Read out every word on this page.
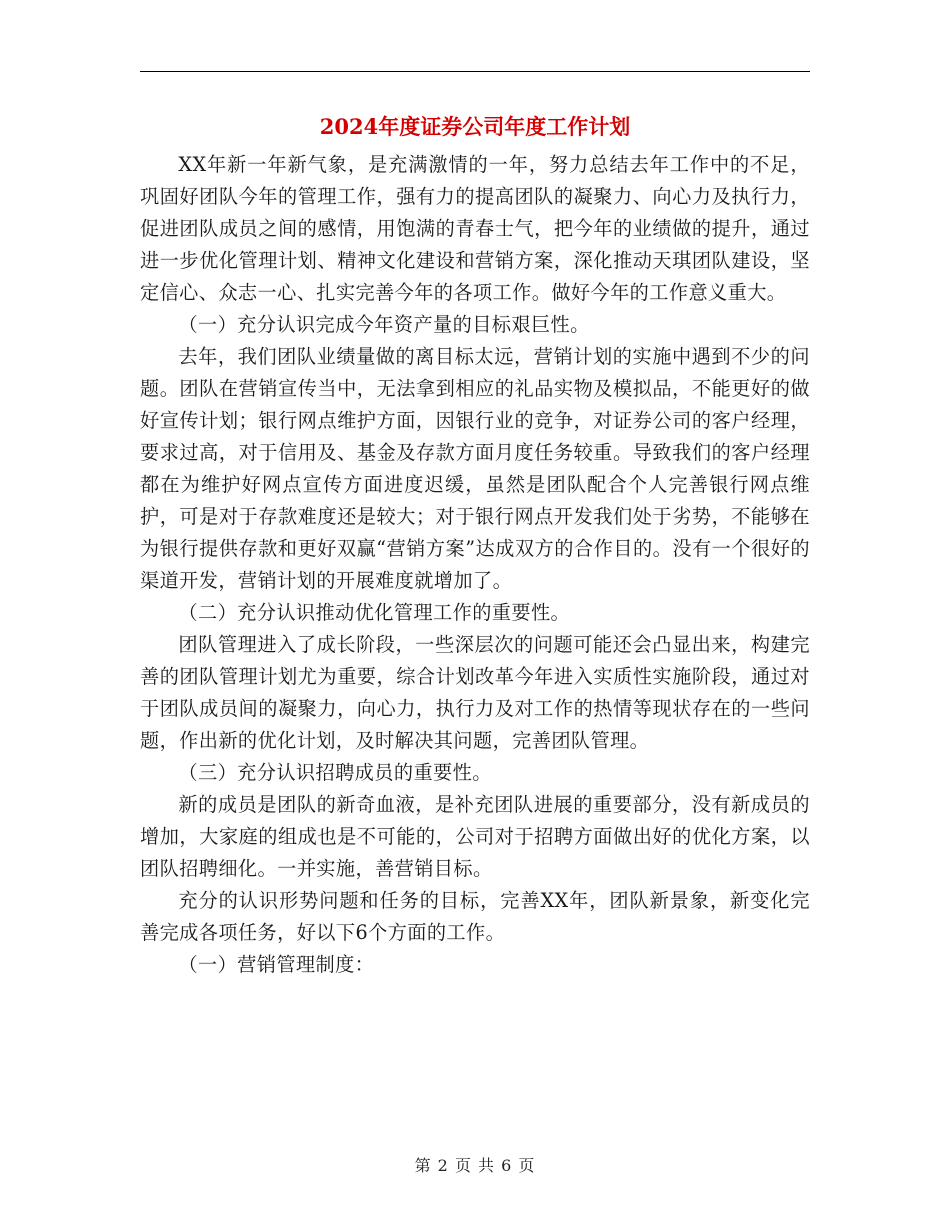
2024年度证券公司年度工作计划

XX年新一年新气象，是充满激情的一年，努力总结去年工作中的不足，巩固好团队今年的管理工作，强有力的提高团队的凝聚力、向心力及执行力，促进团队成员之间的感情，用饱满的青春士气，把今年的业绩做的提升，通过进一步优化管理计划、精神文化建设和营销方案，深化推动天琪团队建设，坚定信心、众志一心、扎实完善今年的各项工作。做好今年的工作意义重大。

（一）充分认识完成今年资产量的目标艰巨性。

去年，我们团队业绩量做的离目标太远，营销计划的实施中遇到不少的问题。团队在营销宣传当中，无法拿到相应的礼品实物及模拟品，不能更好的做好宣传计划；银行网点维护方面，因银行业的竞争，对证券公司的客户经理，要求过高，对于信用及、基金及存款方面月度任务较重。导致我们的客户经理都在为维护好网点宣传方面进度迟缓，虽然是团队配合个人完善银行网点维护，可是对于存款难度还是较大；对于银行网点开发我们处于劣势，不能够在为银行提供存款和更好双赢“营销方案”达成双方的合作目的。没有一个很好的渠道开发，营销计划的开展难度就增加了。

（二）充分认识推动优化管理工作的重要性。

团队管理进入了成长阶段，一些深层次的问题可能还会凸显出来，构建完善的团队管理计划尤为重要，综合计划改革今年进入实质性实施阶段，通过对于团队成员间的凝聚力，向心力，执行力及对工作的热情等现状存在的一些问题，作出新的优化计划，及时解决其问题，完善团队管理。

（三）充分认识招聘成员的重要性。

新的成员是团队的新奇血液，是补充团队进展的重要部分，没有新成员的增加，大家庭的组成也是不可能的，公司对于招聘方面做出好的优化方案，以团队招聘细化。一并实施，善营销目标。

充分的认识形势问题和任务的目标，完善XX年，团队新景象，新变化完善完成各项任务，好以下6个方面的工作。

（一）营销管理制度：

第 2 页 共 6 页
